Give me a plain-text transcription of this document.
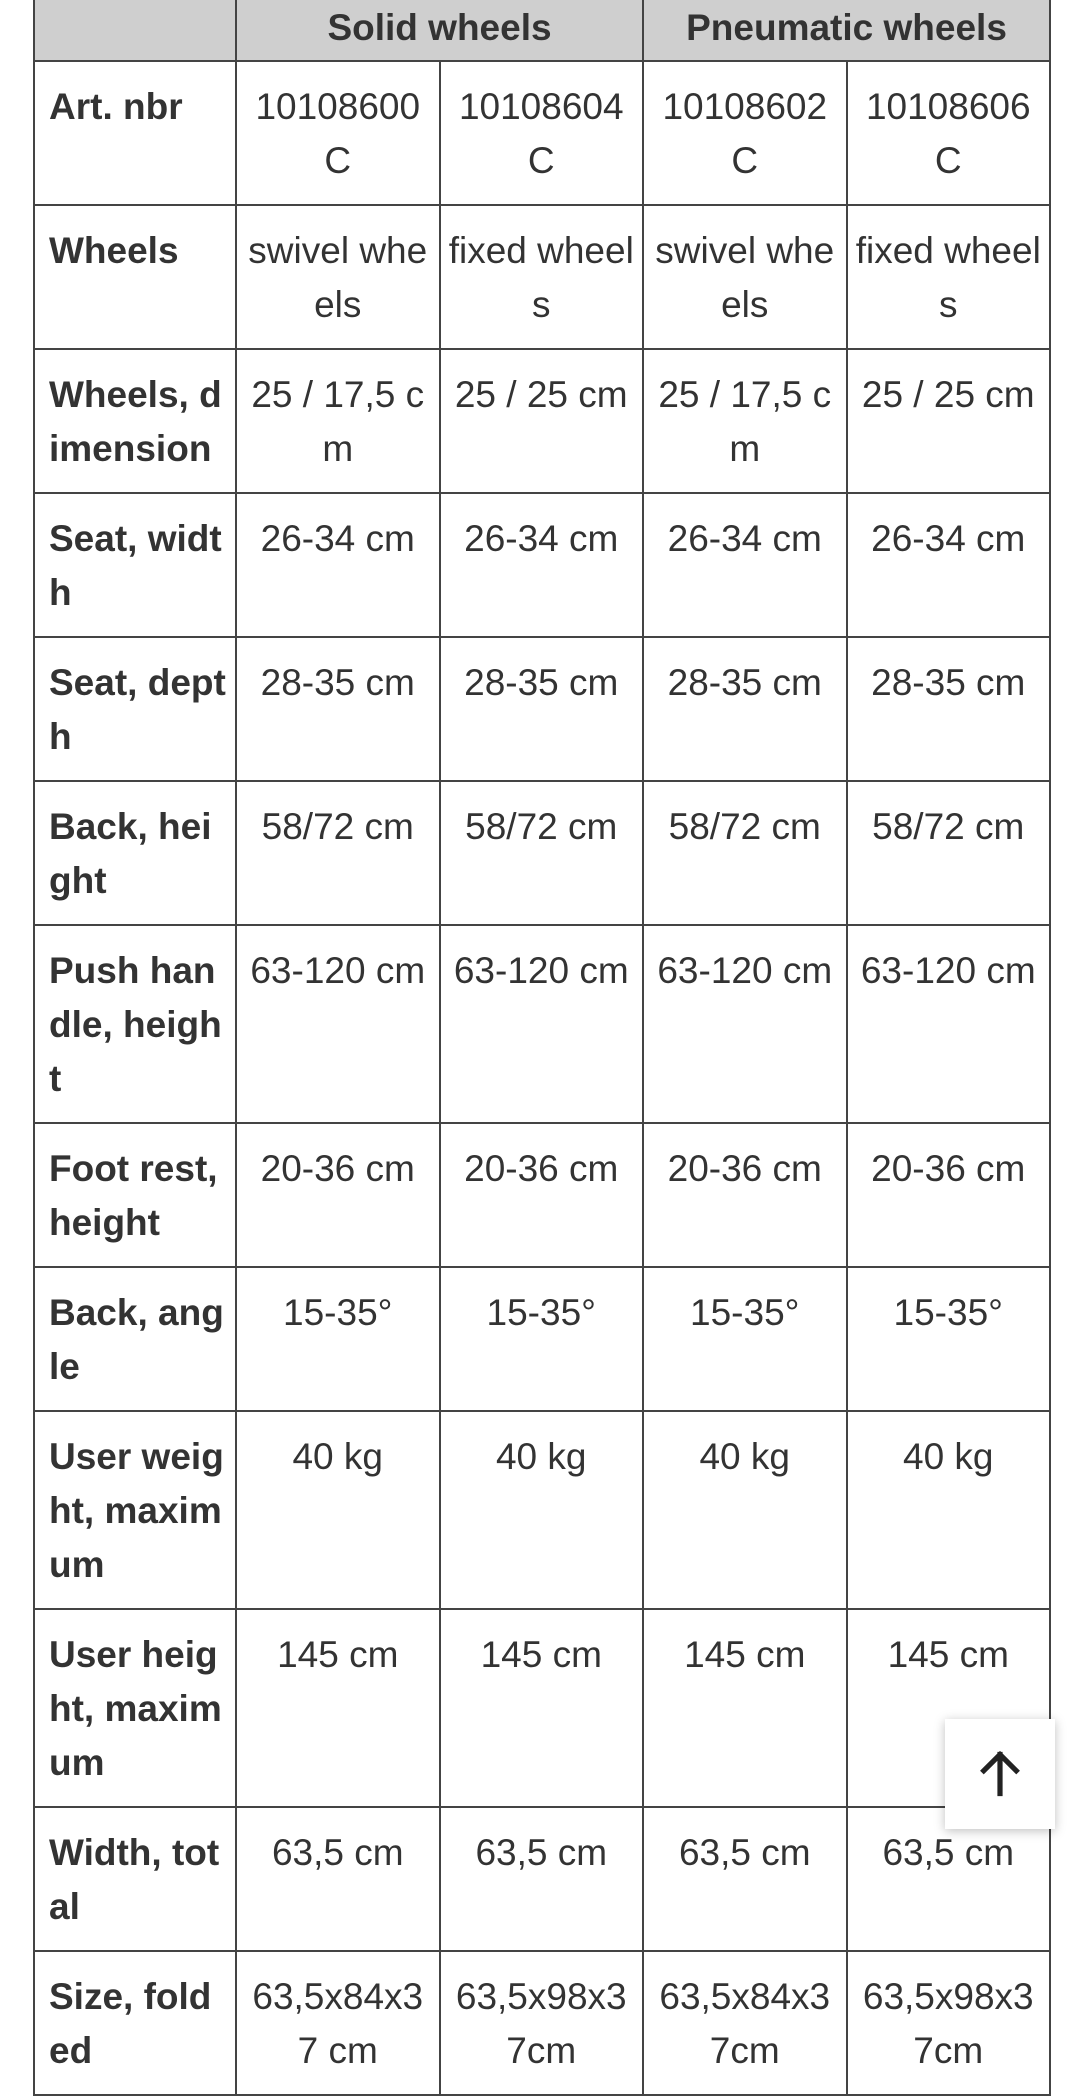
	Solid wheels		Pneumatic wheels	
Art. nbr	10108600C	10108604C	10108602C	10108606C
Wheels	swivel wheels	fixed wheels	swivel wheels	fixed wheels
Wheels, dimension	25 / 17,5 cm	25 / 25 cm	25 / 17,5 cm	25 / 25 cm
Seat, width	26-34 cm	26-34 cm	26-34 cm	26-34 cm
Seat, depth	28-35 cm	28-35 cm	28-35 cm	28-35 cm
Back, height	58/72 cm	58/72 cm	58/72 cm	58/72 cm
Push handle, height	63-120 cm	63-120 cm	63-120 cm	63-120 cm
Foot rest, height	20-36 cm	20-36 cm	20-36 cm	20-36 cm
Back, angle	15-35°	15-35°	15-35°	15-35°
User weight, maximum	40 kg	40 kg	40 kg	40 kg
User height, maximum	145 cm	145 cm	145 cm	145 cm
Width, total	63,5 cm	63,5 cm	63,5 cm	63,5 cm
Size, folded	63,5x84x37 cm	63,5x98x37cm	63,5x84x37cm	63,5x98x37cm
